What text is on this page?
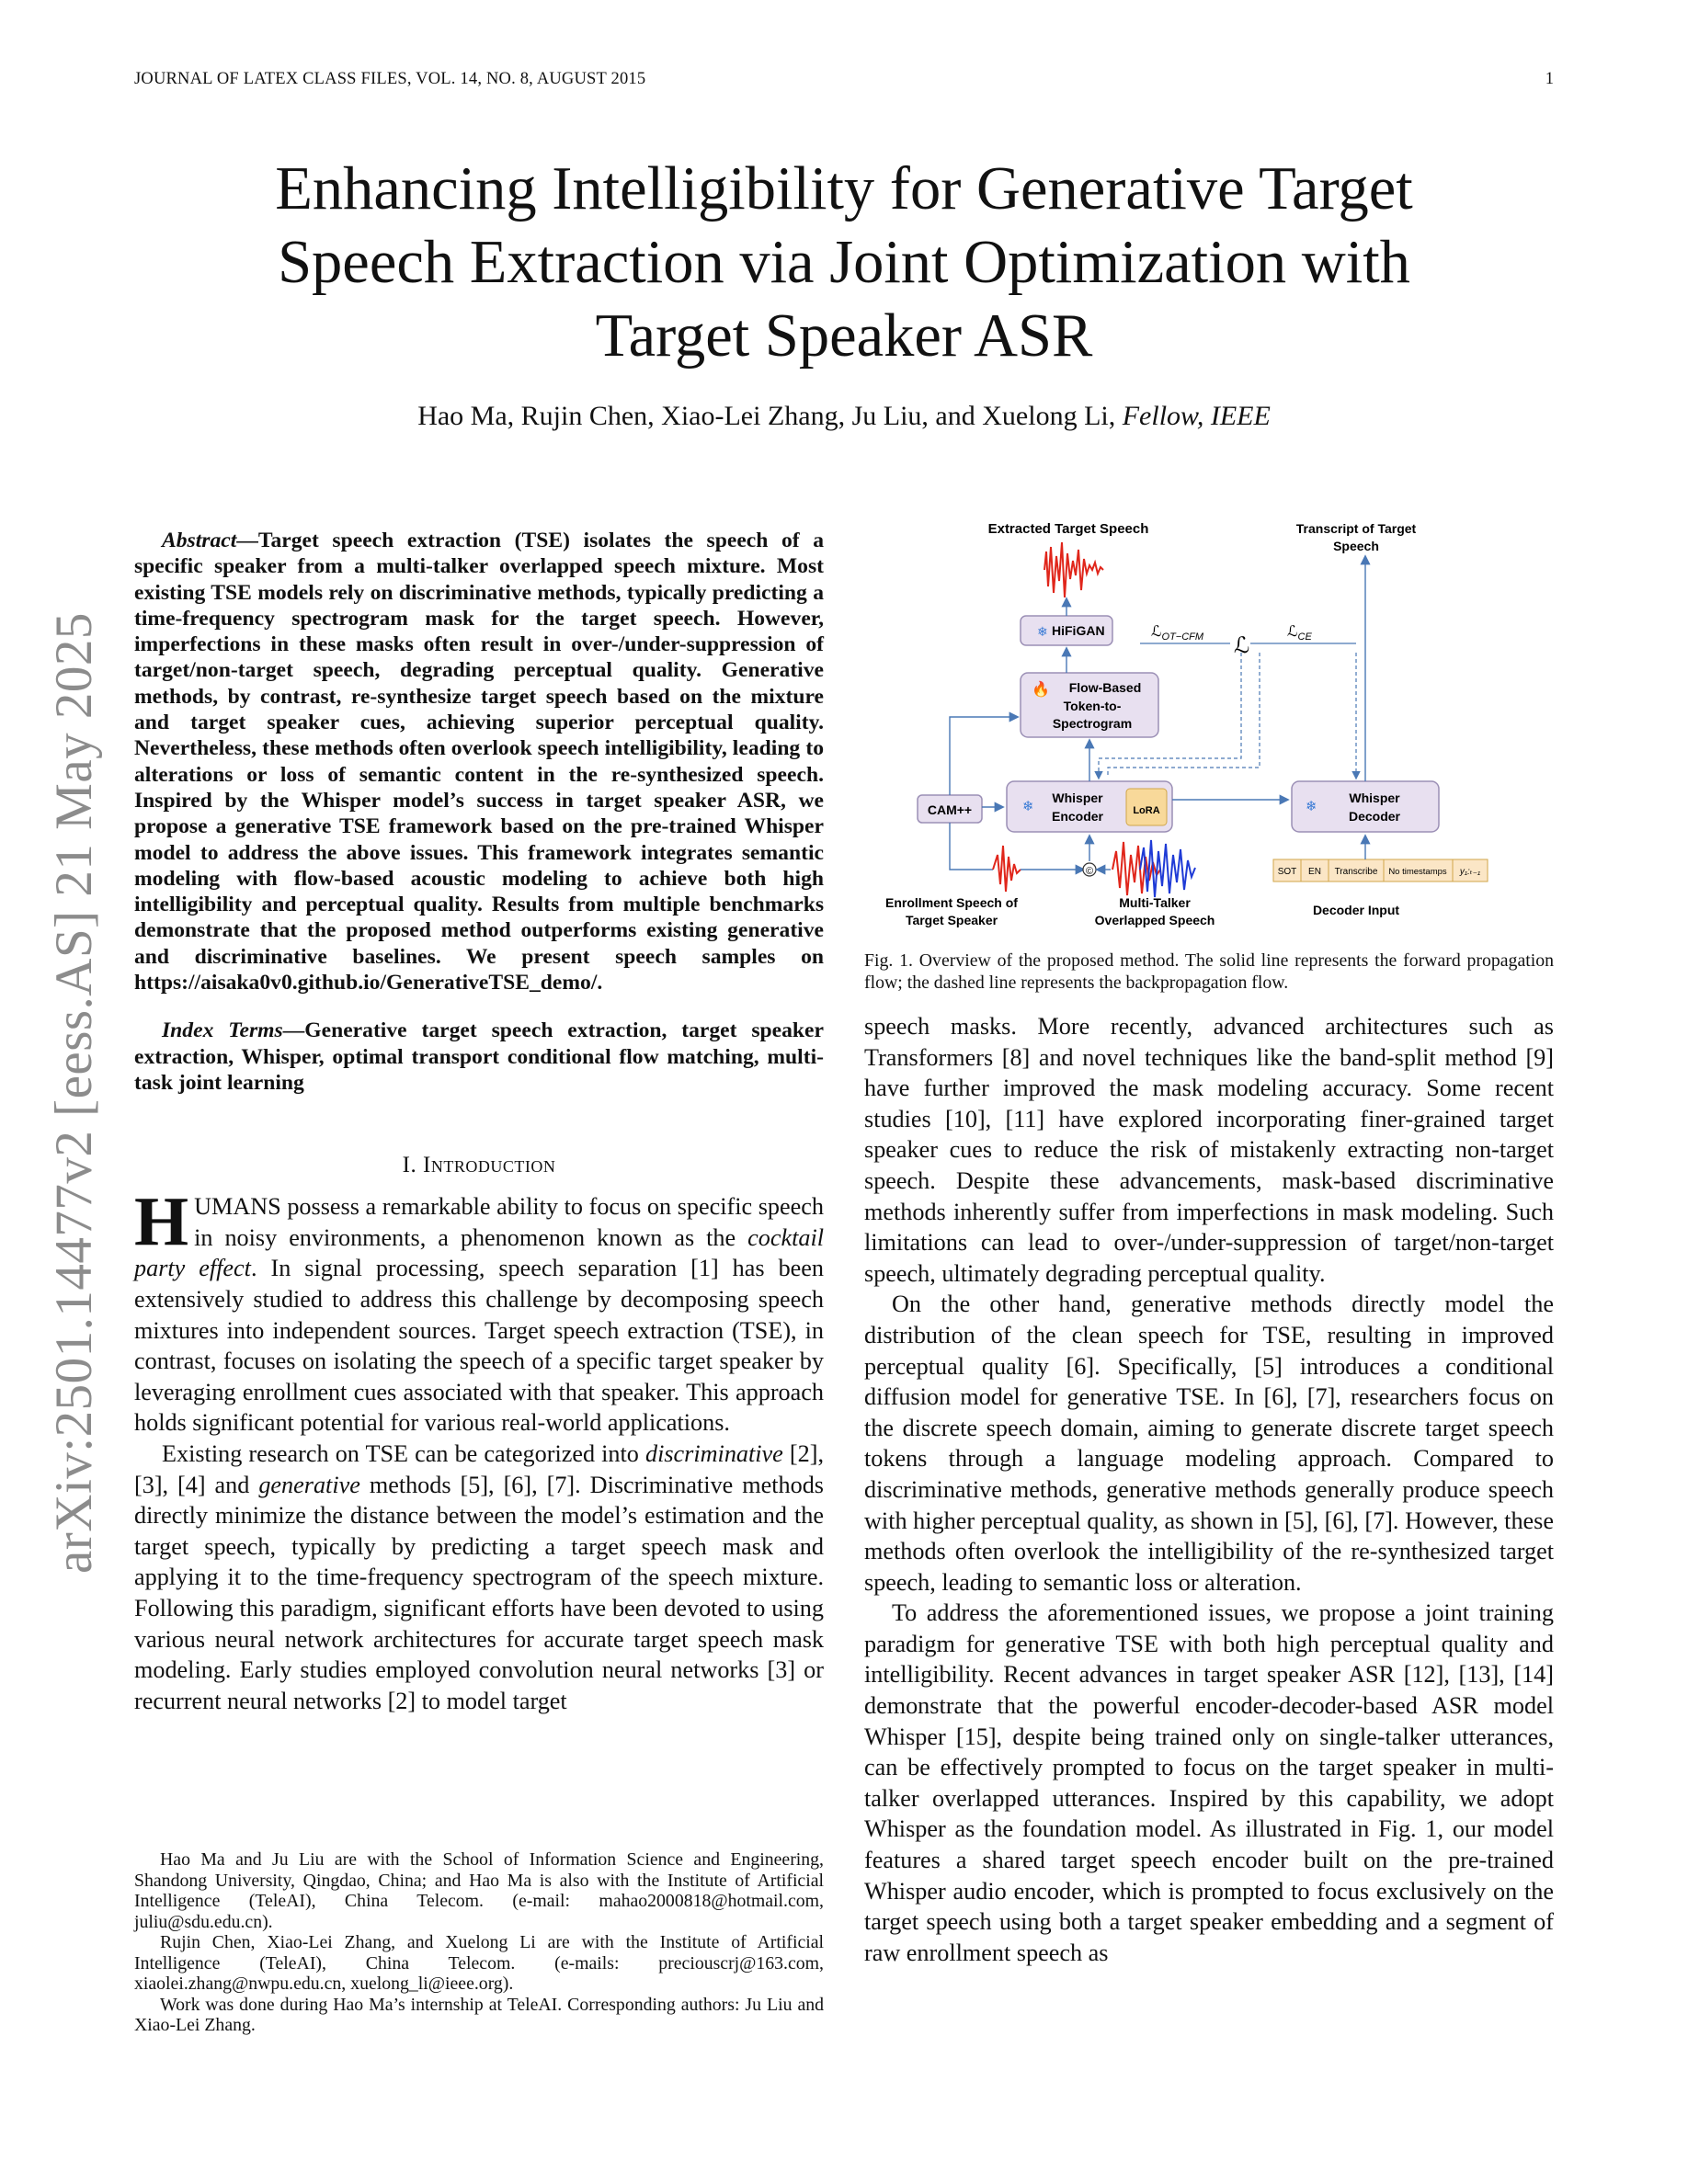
JOURNAL OF LATEX CLASS FILES, VOL. 14, NO. 8, AUGUST 2015	1
arXiv:2501.14477v2 [eess.AS] 21 May 2025
Enhancing Intelligibility for Generative Target
Speech Extraction via Joint Optimization with
Target Speaker ASR
Hao Ma, Rujin Chen, Xiao-Lei Zhang, Ju Liu, and Xuelong Li, Fellow, IEEE

Abstract—Target speech extraction (TSE) isolates the speech of a specific speaker from a multi-talker overlapped speech mixture. Most existing TSE models rely on discriminative methods, typically predicting a time-frequency spectrogram mask for the target speech. However, imperfections in these masks often result in over-/under-suppression of target/non-target speech, degrading perceptual quality. Generative methods, by contrast, re-synthesize target speech based on the mixture and target speaker cues, achieving superior perceptual quality. Nevertheless, these methods often overlook speech intelligibility, leading to alterations or loss of semantic content in the re-synthesized speech. Inspired by the Whisper model’s success in target speaker ASR, we propose a generative TSE framework based on the pre-trained Whisper model to address the above issues. This framework integrates semantic modeling with flow-based acoustic modeling to achieve both high intelligibility and perceptual quality. Results from multiple benchmarks demonstrate that the proposed method outperforms existing generative and discriminative baselines. We present speech samples on https://aisaka0v0.github.io/GenerativeTSE_demo/.

Index Terms—Generative target speech extraction, target speaker extraction, Whisper, optimal transport conditional flow matching, multi-task joint learning

I. Introduction

HUMANS possess a remarkable ability to focus on specific speech in noisy environments, a phenomenon known as the cocktail party effect. In signal processing, speech separation [1] has been extensively studied to address this challenge by decomposing speech mixtures into independent sources. Target speech extraction (TSE), in contrast, focuses on isolating the speech of a specific target speaker by leveraging enrollment cues associated with that speaker. This approach holds significant potential for various real-world applications.

Existing research on TSE can be categorized into discriminative [2], [3], [4] and generative methods [5], [6], [7]. Discriminative methods directly minimize the distance between the model’s estimation and the target speech, typically by predicting a target speech mask and applying it to the time-frequency spectrogram of the speech mixture. Following this paradigm, significant efforts have been devoted to using various neural network architectures for accurate target speech mask modeling. Early studies employed convolution neural networks [3] or recurrent neural networks [2] to model target

Hao Ma and Ju Liu are with the School of Information Science and Engineering, Shandong University, Qingdao, China; and Hao Ma is also with the Institute of Artificial Intelligence (TeleAI), China Telecom. (e-mail: mahao2000818@hotmail.com, juliu@sdu.edu.cn).

Rujin Chen, Xiao-Lei Zhang, and Xuelong Li are with the Institute of Artificial Intelligence (TeleAI), China Telecom. (e-mails: preciouscrj@163.com, xiaolei.zhang@nwpu.edu.cn, xuelong_li@ieee.org).

Work was done during Hao Ma’s internship at TeleAI. Corresponding authors: Ju Liu and Xiao-Lei Zhang.

Extracted Target Speech	Transcript of Target
Speech
❄ HiFiGAN	ℒ$_{OT-CFM}$ ℒ
ℒ$_{CE}$
🔥 Flow-Based
Token-to-
Spectrogram
CAM++	❄
Whisper
Encoder	LoRA	❄
Whisper
Decoder
©	SOT EN Transcribe No timestamps y₁:ₜ₋₁
Enrollment Speech of
Target Speaker
Multi-Talker
Overlapped Speech
Decoder Input
Fig. 1. Overview of the proposed method. The solid line represents the forward propagation flow; the dashed line represents the backpropagation flow.

speech masks. More recently, advanced architectures such as Transformers [8] and novel techniques like the band-split method [9] have further improved the mask modeling accuracy. Some recent studies [10], [11] have explored incorporating finer-grained target speaker cues to reduce the risk of mistakenly extracting non-target speech. Despite these advancements, mask-based discriminative methods inherently suffer from imperfections in mask modeling. Such limitations can lead to over-/under-suppression of target/non-target speech, ultimately degrading perceptual quality.

On the other hand, generative methods directly model the distribution of the clean speech for TSE, resulting in improved perceptual quality [6]. Specifically, [5] introduces a conditional diffusion model for generative TSE. In [6], [7], researchers focus on the discrete speech domain, aiming to generate discrete target speech tokens through a language modeling approach. Compared to discriminative methods, generative methods generally produce speech with higher perceptual quality, as shown in [5], [6], [7]. However, these methods often overlook the intelligibility of the re-synthesized target speech, leading to semantic loss or alteration.

To address the aforementioned issues, we propose a joint training paradigm for generative TSE with both high perceptual quality and intelligibility. Recent advances in target speaker ASR [12], [13], [14] demonstrate that the powerful encoder-decoder-based ASR model Whisper [15], despite being trained only on single-talker utterances, can be effectively prompted to focus on the target speaker in multi-talker overlapped utterances. Inspired by this capability, we adopt Whisper as the foundation model. As illustrated in Fig. 1, our model features a shared target speech encoder built on the pre-trained Whisper audio encoder, which is prompted to focus exclusively on the target speech using both a target speaker embedding and a segment of raw enrollment speech as
